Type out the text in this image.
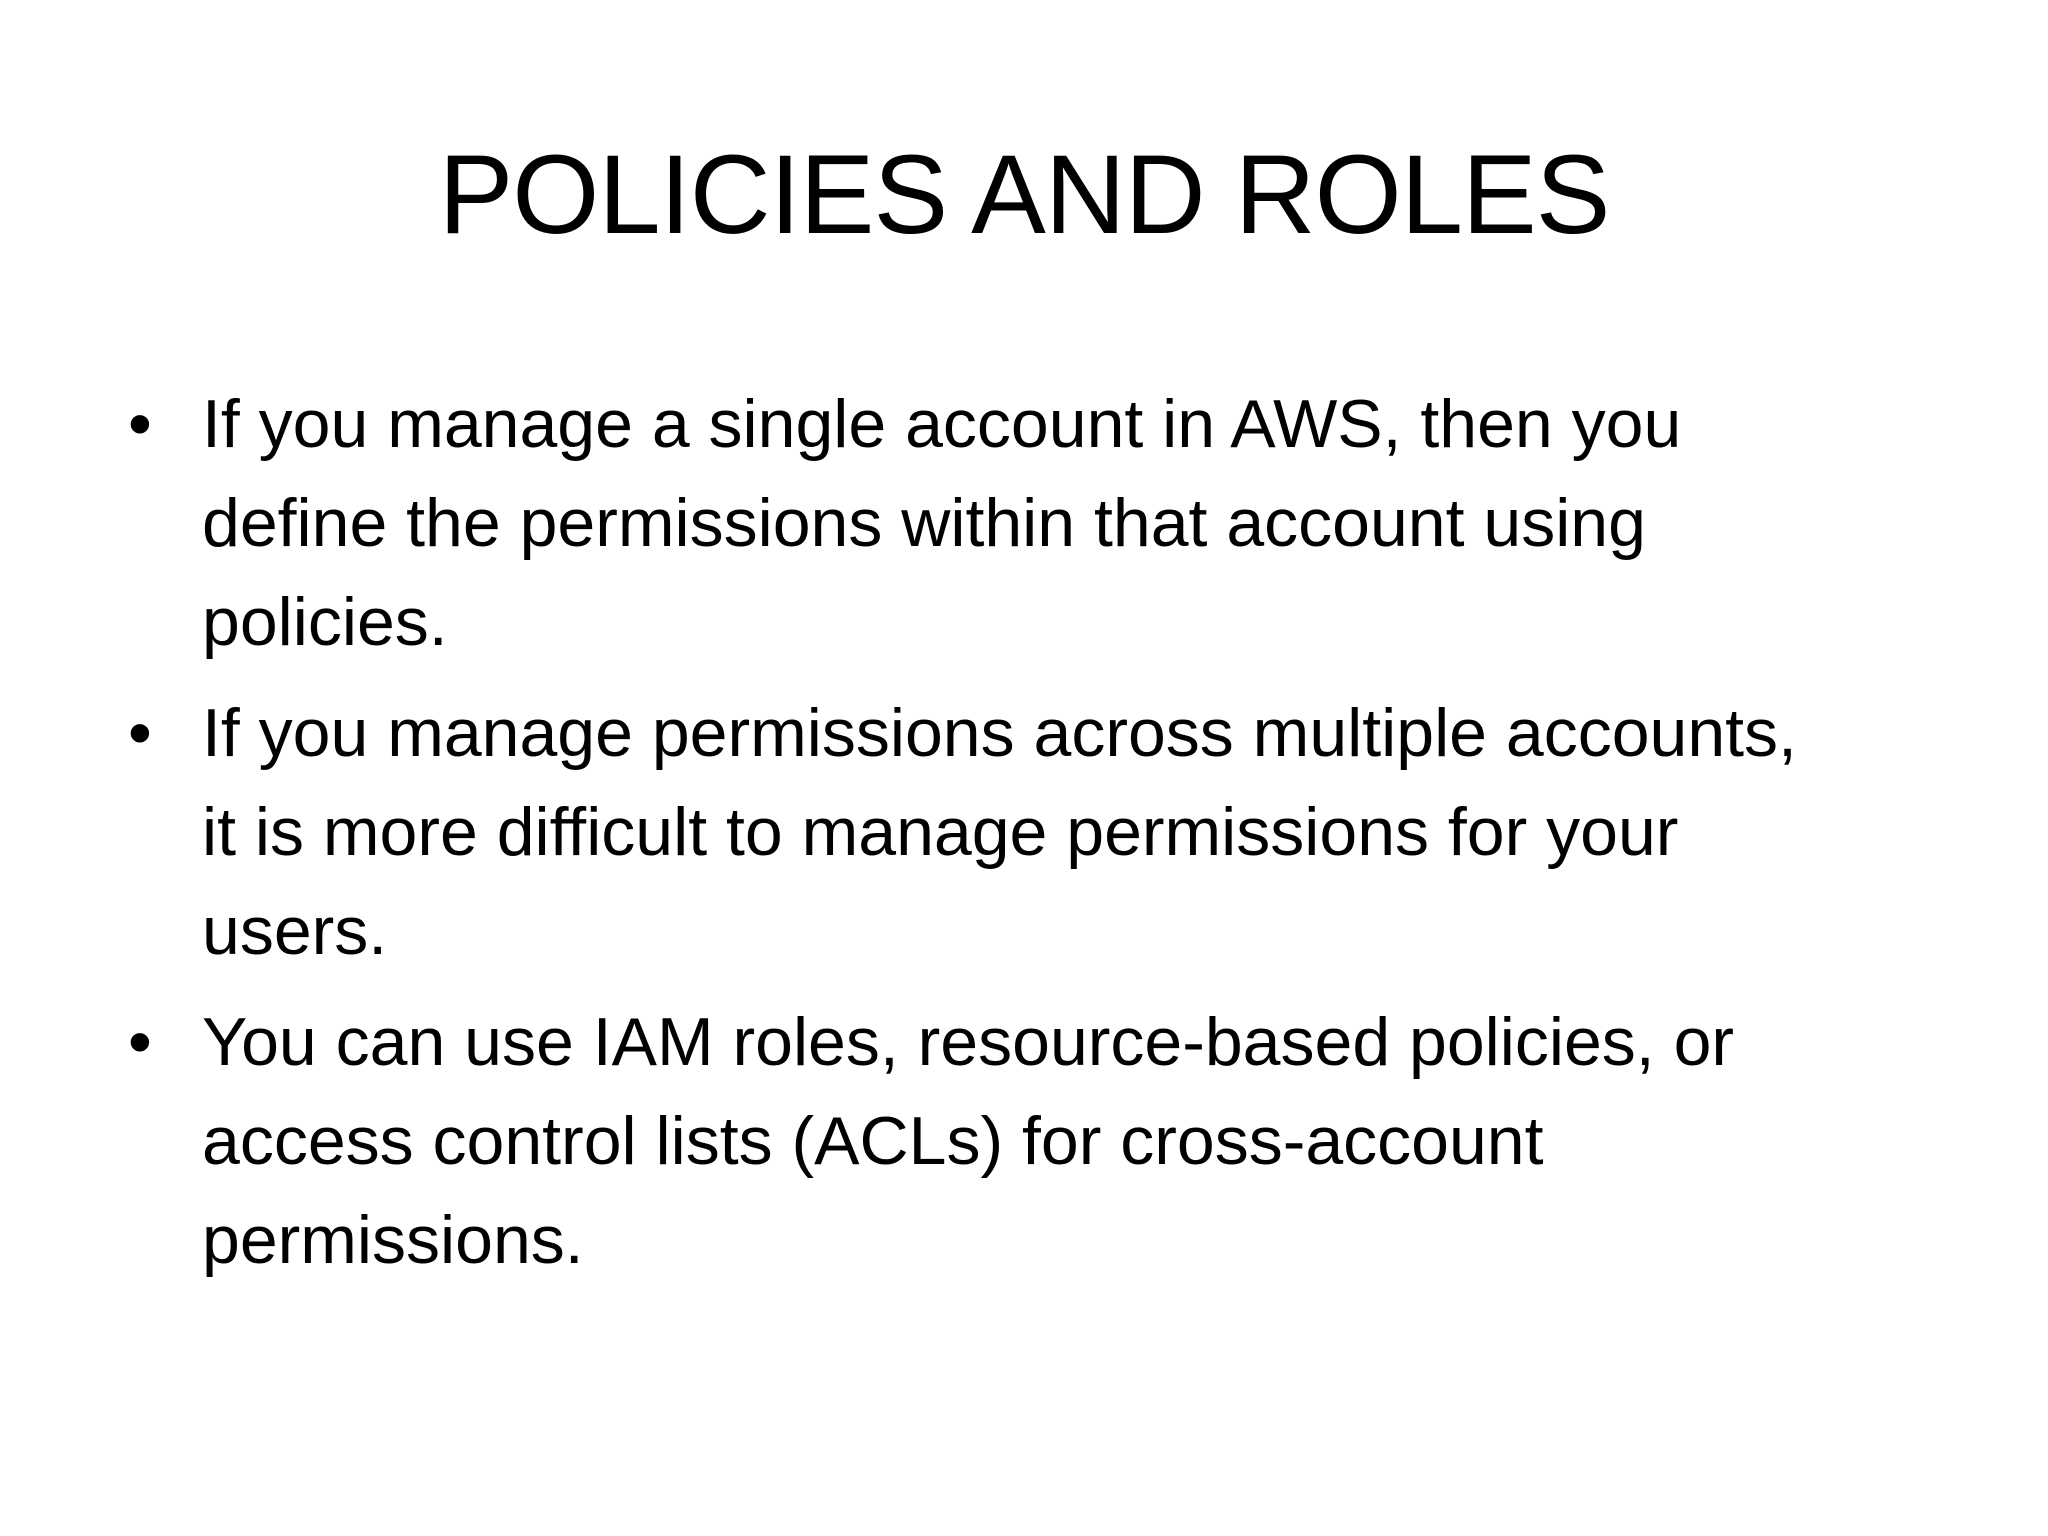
POLICIES AND ROLES
• If you manage a single account in AWS, then you
define the permissions within that account using
policies.
• If you manage permissions across multiple accounts,
it is more difficult to manage permissions for your
users.
• You can use IAM roles, resource-based policies, or
access control lists (ACLs) for cross-account
permissions.
